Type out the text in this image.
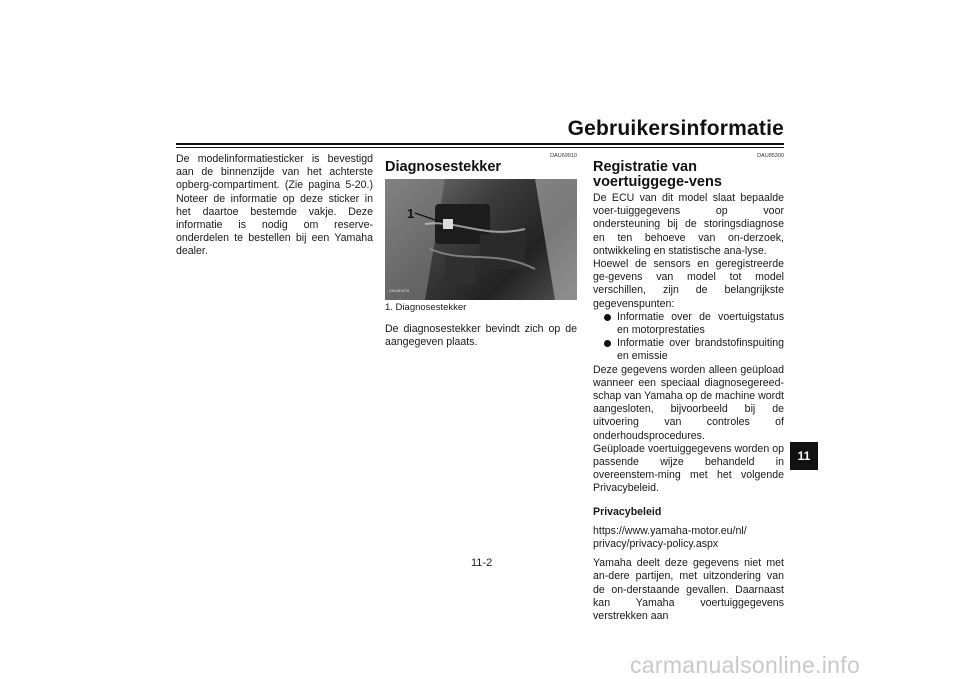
Gebruikersinformatie

De modelinformatiesticker is bevestigd aan de binnenzijde van het achterste opberg-compartiment. (Zie pagina 5-20.) Noteer de informatie op deze sticker in het daartoe bestemde vakje. Deze informatie is nodig om reserve-onderdelen te bestellen bij een Yamaha dealer.

DAU69910
Diagnosestekker
1
ZAUM1676
1. Diagnosestekker

De diagnosestekker bevindt zich op de aangegeven plaats.

DAU85300
Registratie van voertuiggege-vens

De ECU van dit model slaat bepaalde voer-tuiggegevens op voor ondersteuning bij de storingsdiagnose en ten behoeve van on-derzoek, ontwikkeling en statistische ana-lyse.

Hoewel de sensors en geregistreerde ge-gevens van model tot model verschillen, zijn de belangrijkste gegevenspunten:

Informatie over de voertuigstatus en motorprestaties
Informatie over brandstofinspuiting en emissie

Deze gegevens worden alleen geüpload wanneer een speciaal diagnosegereed-schap van Yamaha op de machine wordt aangesloten, bijvoorbeeld bij de uitvoering van controles of onderhoudsprocedures.

Geüploade voertuiggegevens worden op passende wijze behandeld in overeenstem-ming met het volgende Privacybeleid.

Privacybeleid

https://www.yamaha-motor.eu/nl/
privacy/privacy-policy.aspx

Yamaha deelt deze gegevens niet met an-dere partijen, met uitzondering van de on-derstaande gevallen. Daarnaast kan Yamaha voertuiggegevens verstrekken aan

11-2
11
carmanualsonline.info
